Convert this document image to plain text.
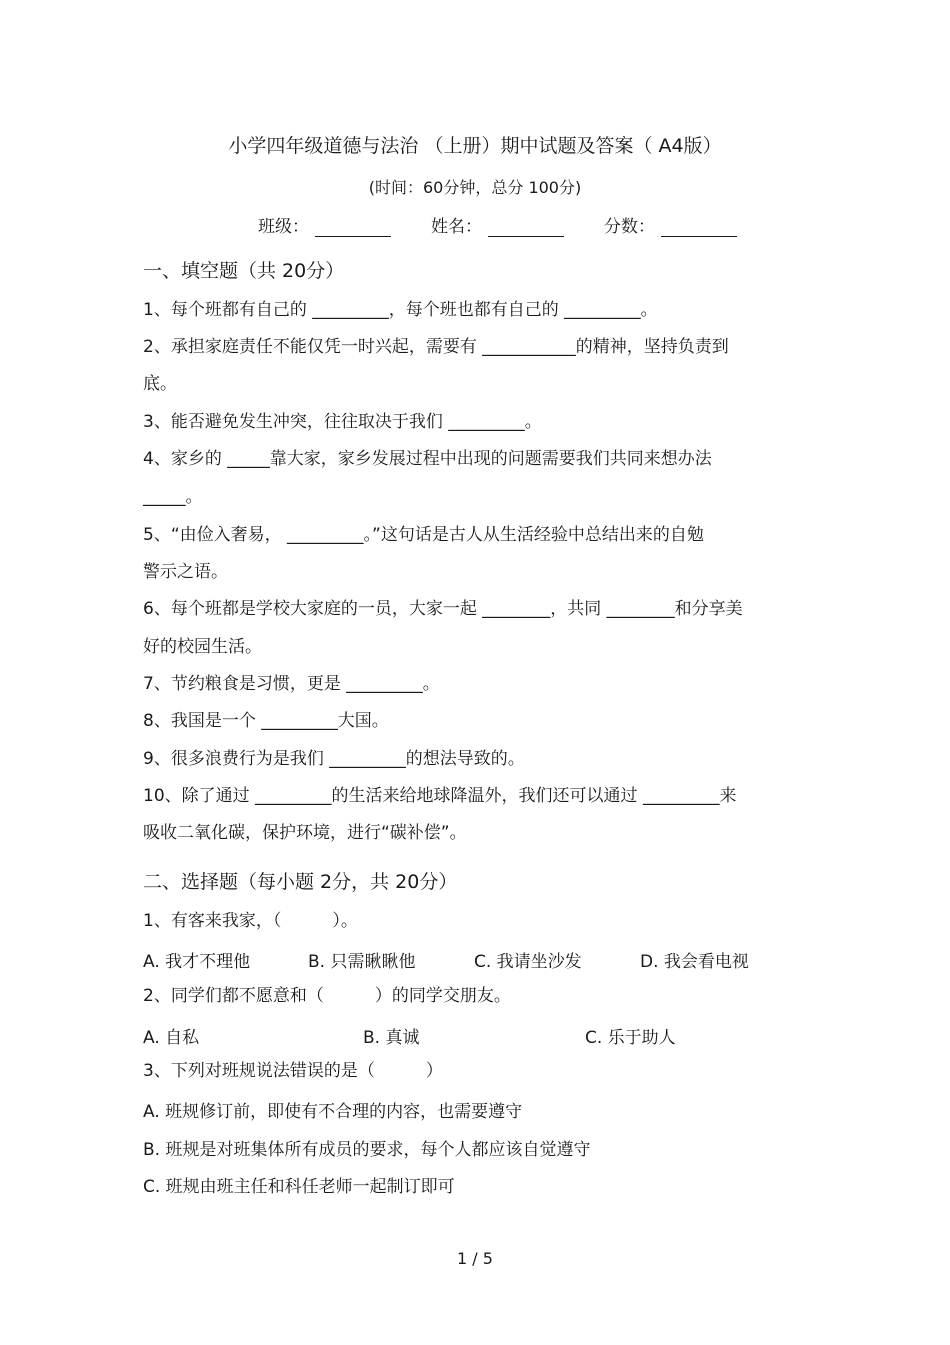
小学四年级道德与法治 （上册）期中试题及答案（ A4版）
(时间：60分钟，总分 100分)
班级：	姓名：	分数：
一、填空题（共 20分）
1、每个班都有自己的 _________，每个班也都有自己的 _________。
2、承担家庭责任不能仅凭一时兴起，需要有 ___________的精神，坚持负责到
底。
3、能否避免发生冲突，往往取决于我们 _________。
4、家乡的 _____靠大家，家乡发展过程中出现的问题需要我们共同来想办法
_____。
5、“由俭入奢易， _________。”这句话是古人从生活经验中总结出来的自勉
警示之语。
6、每个班都是学校大家庭的一员，大家一起 ________，共同 ________和分享美
好的校园生活。
7、节约粮食是习惯，更是 _________。
8、我国是一个 _________大国。
9、很多浪费行为是我们 _________的想法导致的。
10、除了通过 _________的生活来给地球降温外，我们还可以通过 _________来
吸收二氧化碳，保护环境，进行“碳补偿”。
二、选择题（每小题 2分，共 20分）
1、有客来我家，（　　　）。
A. 我才不理他	B. 只需瞅瞅他	C. 我请坐沙发	D. 我会看电视
2、同学们都不愿意和（　　　）的同学交朋友。
A. 自私	B. 真诚	C. 乐于助人
3、下列对班规说法错误的是（　　　）
A. 班规修订前，即使有不合理的内容，也需要遵守
B. 班规是对班集体所有成员的要求，每个人都应该自觉遵守
C. 班规由班主任和科任老师一起制订即可
1 / 5
